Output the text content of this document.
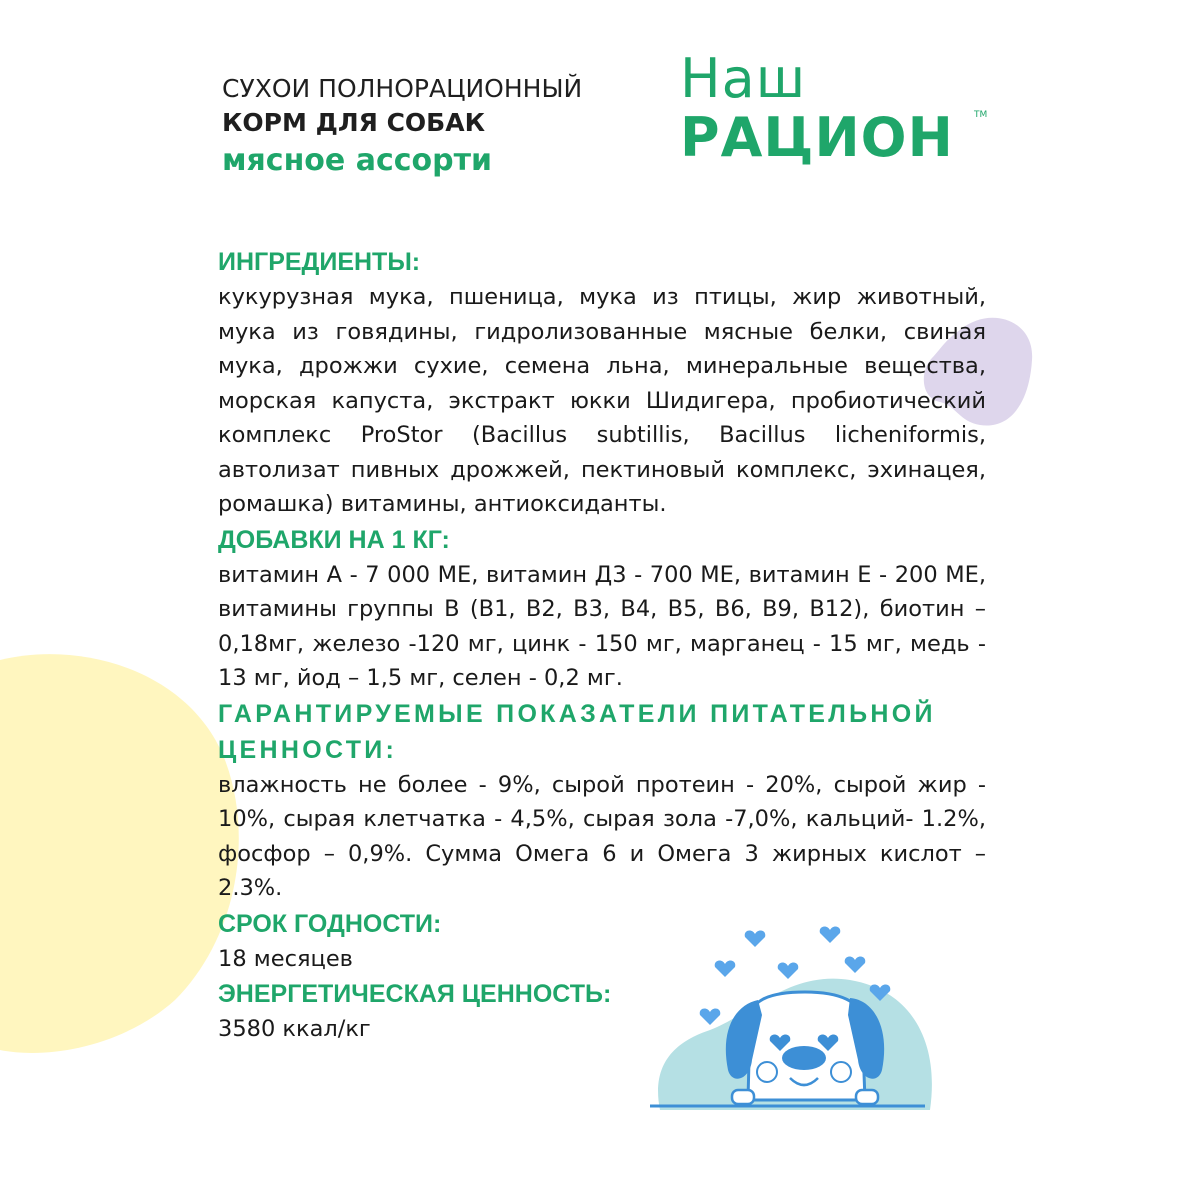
СУХОИ ПОЛНОРАЦИОННЫЙ
КОРМ ДЛЯ СОБАК
мясное ассорти
Наш
РАЦИОН TM
ИНГРЕДИЕНТЫ:
кукурузная мука, пшеница, мука из птицы, жир животный, мука из говядины, гидролизованные мясные белки, свиная мука, дрожжи сухие, семена льна, минеральные вещества, морская капуста, экстракт юкки Шидигера, пробиотический комплекс ProStor (Bacillus subtillis, Bacillus licheniformis, автолизат пивных дрожжей, пектиновый комплекс, эхинацея, ромашка) витамины, антиоксиданты.
ДОБАВКИ НА 1 КГ:
витамин А - 7 000 МЕ, витамин Д3 - 700 МЕ, витамин Е - 200 МЕ, витамины группы В (В1, В2, В3, В4, В5, В6, В9, В12), биотин – 0,18мг, железо -120 мг, цинк - 150 мг, марганец - 15 мг, медь - 13 мг, йод – 1,5 мг, селен - 0,2 мг.
ГАРАНТИРУЕМЫЕ ПОКАЗАТЕЛИ ПИТАТЕЛЬНОЙ ЦЕННОСТИ:
влажность не более - 9%, сырой протеин - 20%, сырой жир - 10%, сырая клетчатка - 4,5%, сырая зола -7,0%, кальций- 1.2%, фосфор – 0,9%. Сумма Омега 6 и Омега 3 жирных кислот – 2.3%.
СРОК ГОДНОСТИ:
18 месяцев
ЭНЕРГЕТИЧЕСКАЯ ЦЕННОСТЬ:
3580 ккал/кг
